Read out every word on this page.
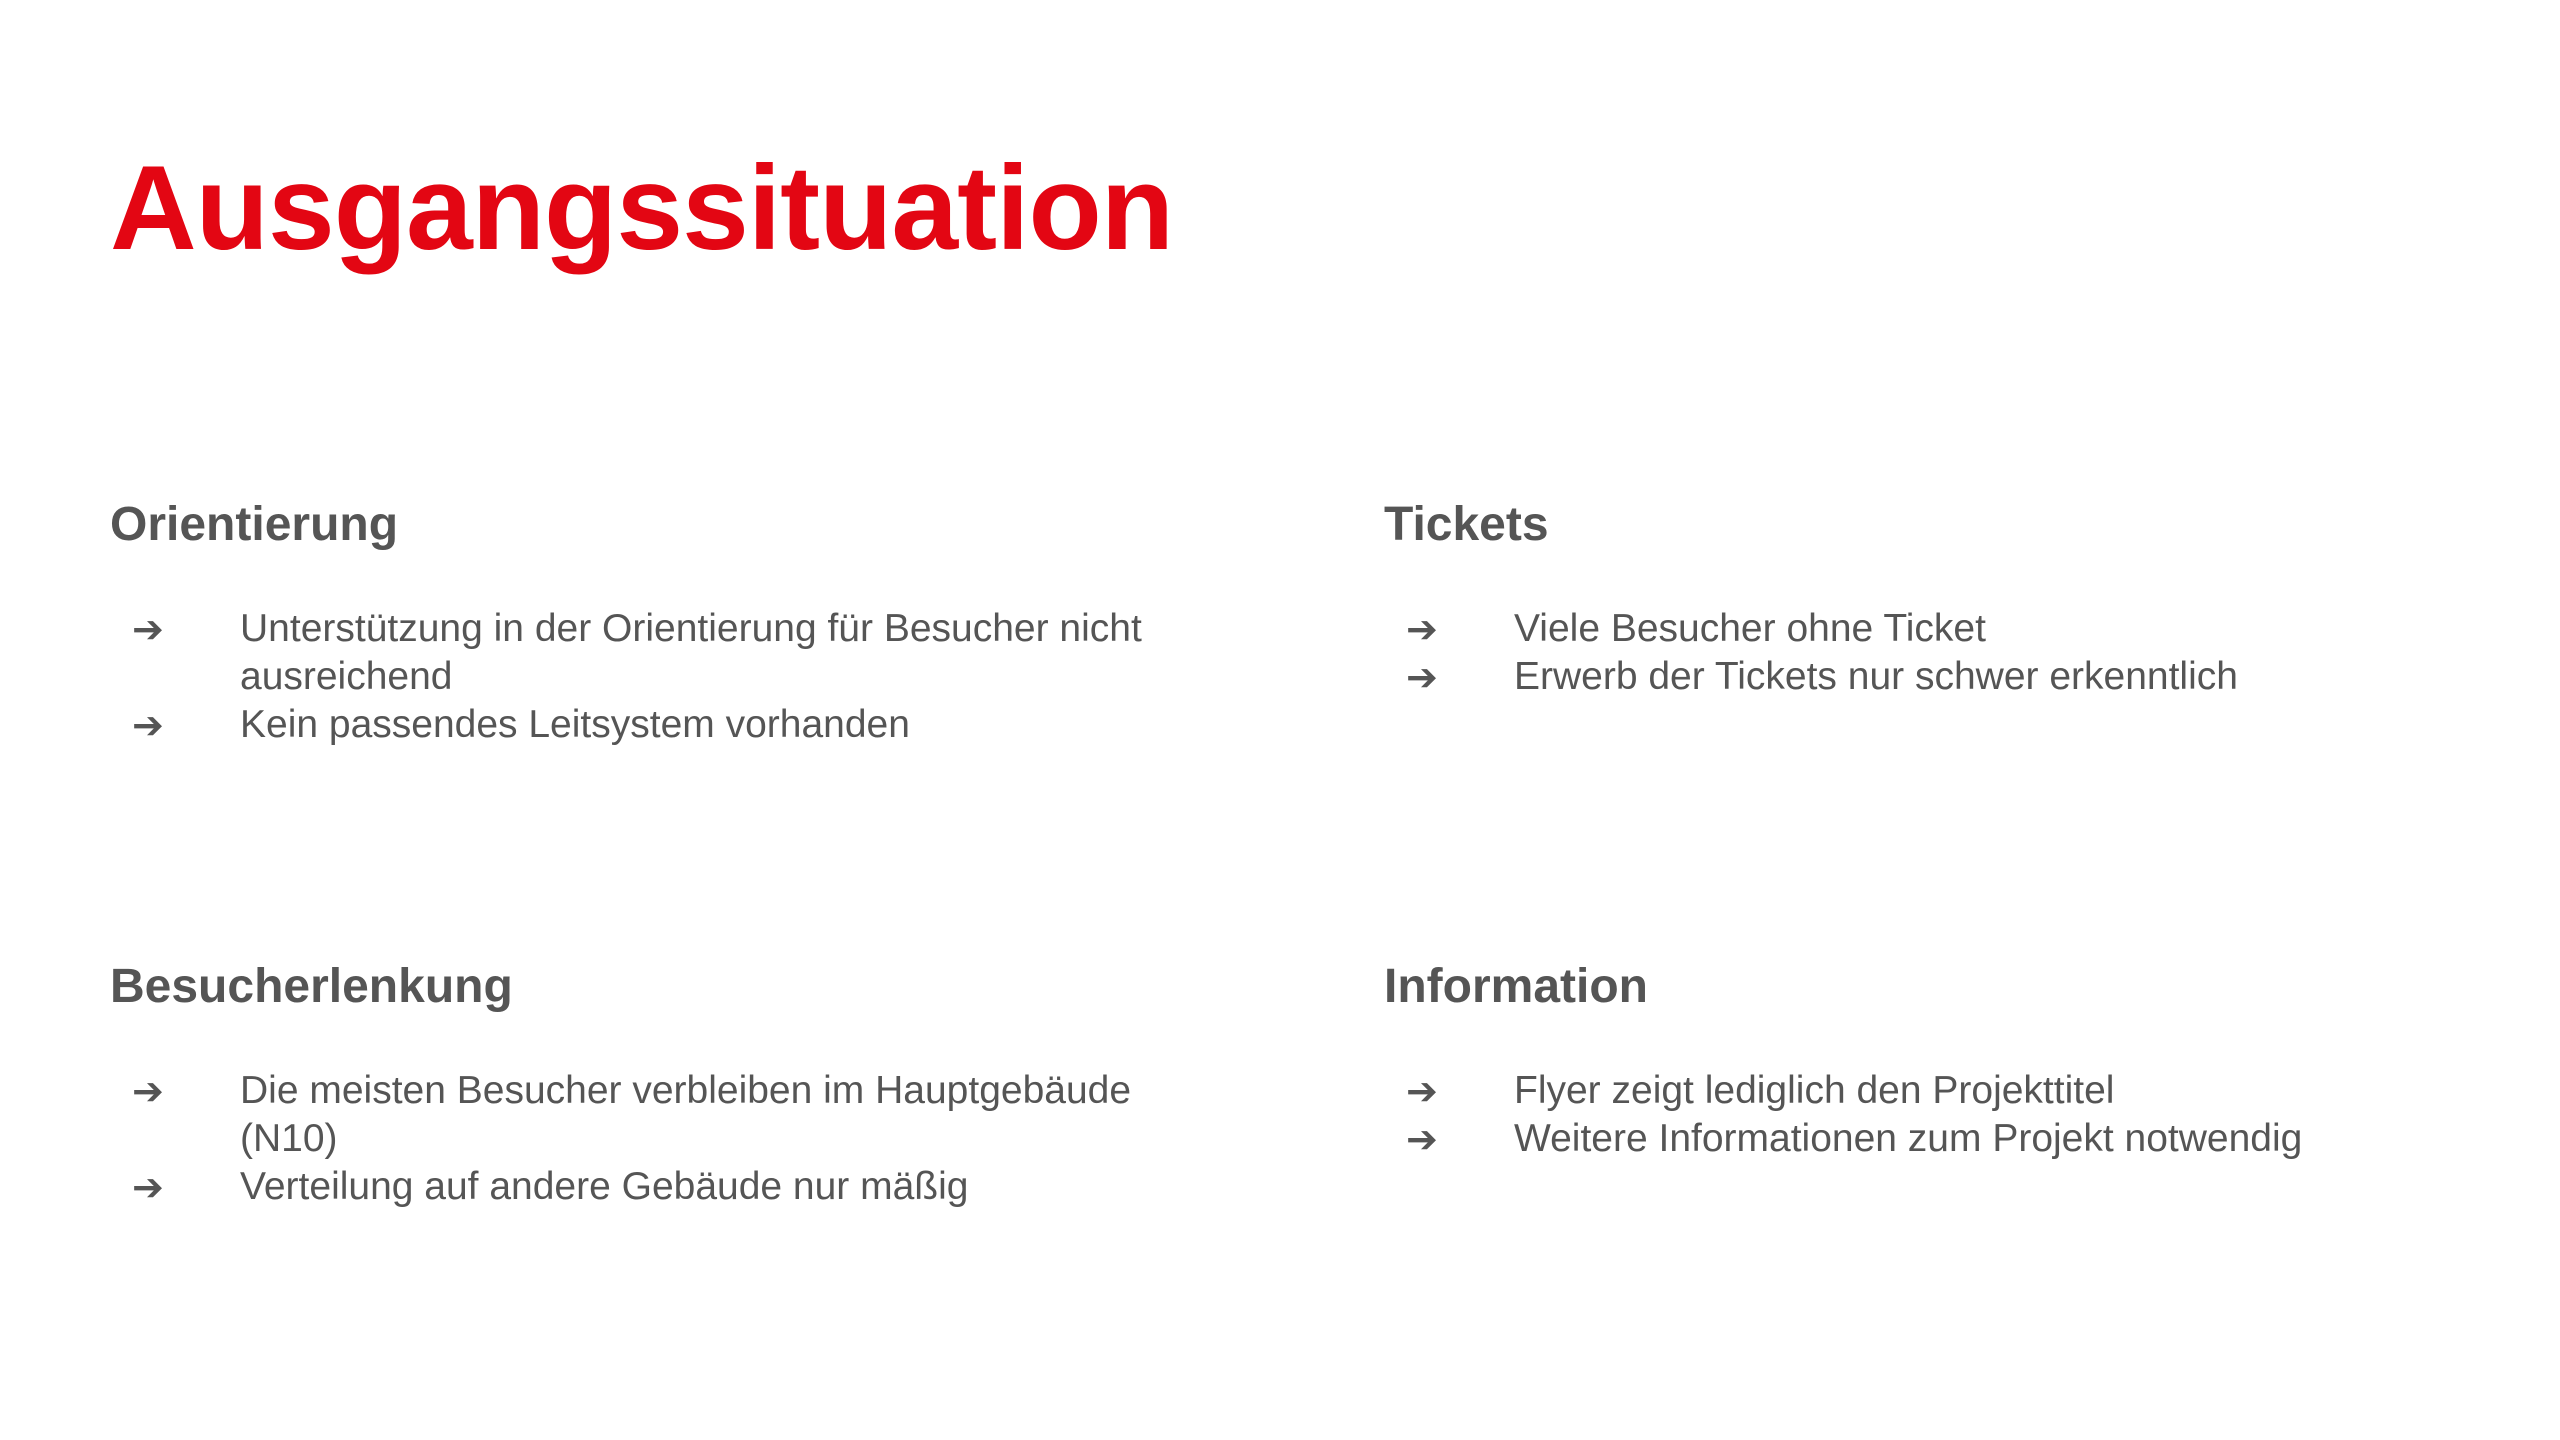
Ausgangssituation
Orientierung
➔	Unterstützung in der Orientierung für Besucher nicht ausreichend
➔	Kein passendes Leitsystem vorhanden
Tickets
➔	Viele Besucher ohne Ticket
➔	Erwerb der Tickets nur schwer erkenntlich
Besucherlenkung
➔	Die meisten Besucher verbleiben im Hauptgebäude (N10)
➔	Verteilung auf andere Gebäude nur mäßig
Information
➔	Flyer zeigt lediglich den Projekttitel
➔	Weitere Informationen zum Projekt notwendig
